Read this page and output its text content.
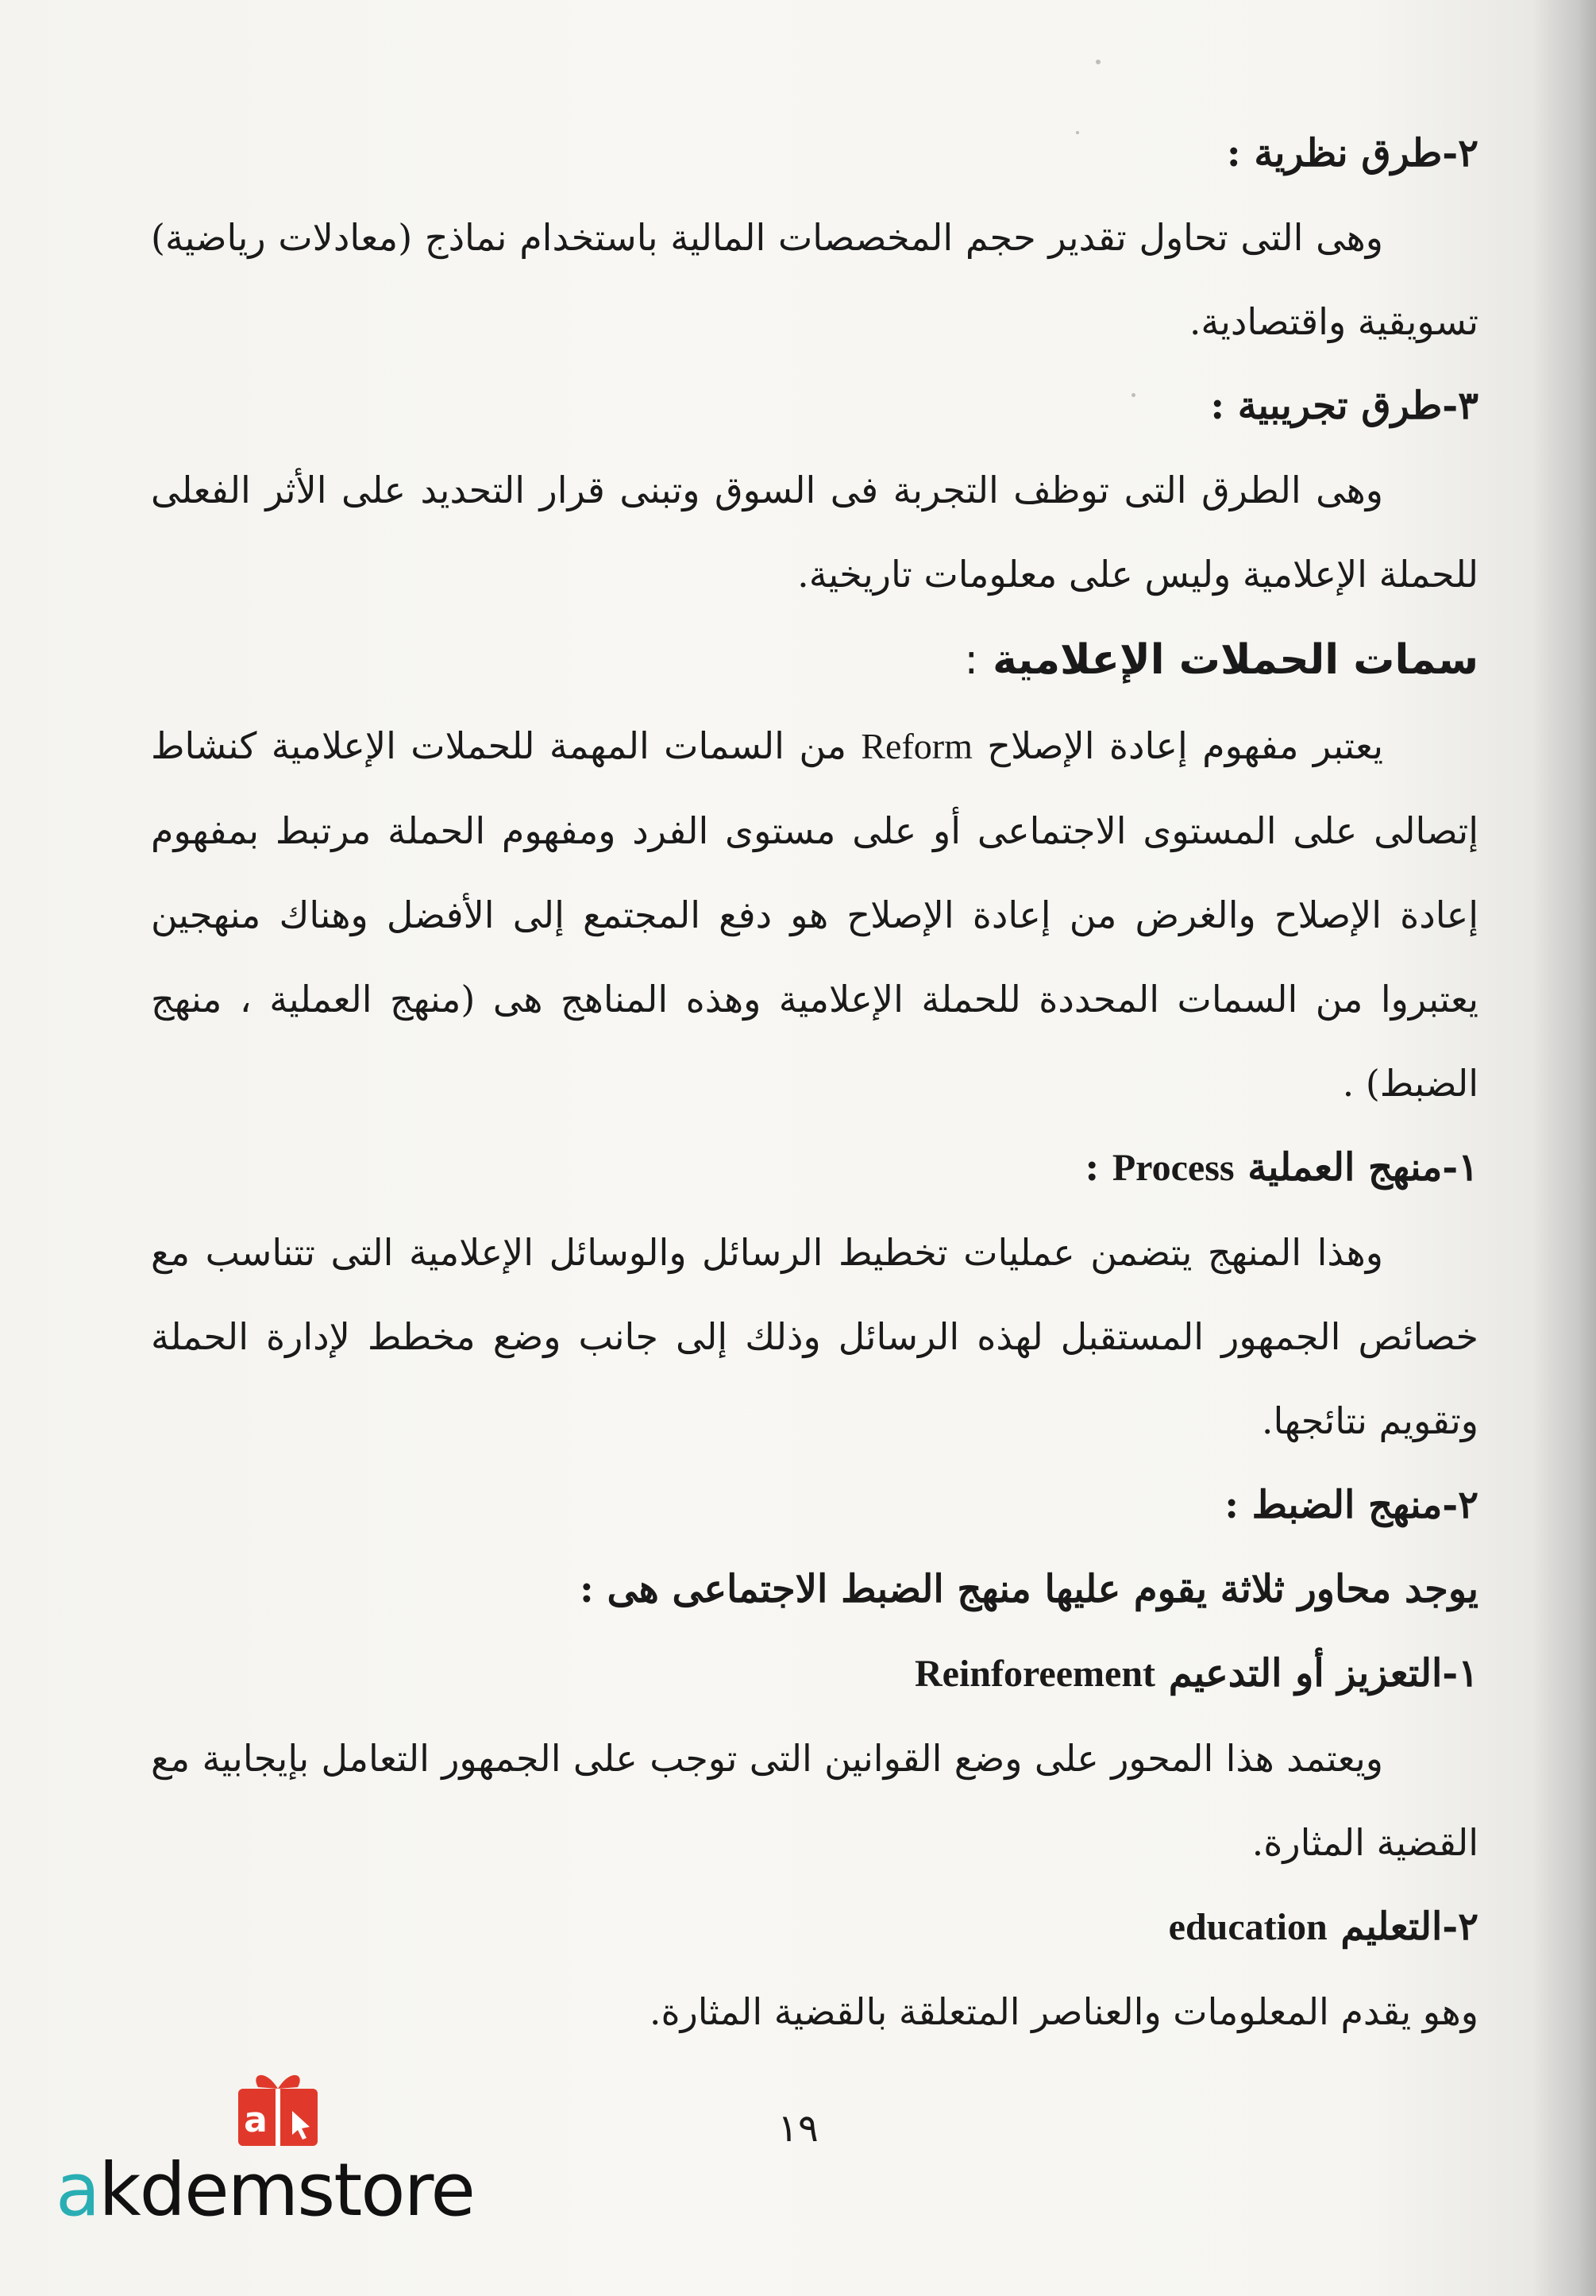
٢-طرق نظرية :

وهى التى تحاول تقدير حجم المخصصات المالية باستخدام نماذج (معادلات رياضية) تسويقية واقتصادية.

٣-طرق تجريبية :

وهى الطرق التى توظف التجربة فى السوق وتبنى قرار التحديد على الأثر الفعلى للحملة الإعلامية وليس على معلومات تاريخية.

سمات الحملات الإعلامية :

يعتبر مفهوم إعادة الإصلاح Reform من السمات المهمة للحملات الإعلامية كنشاط إتصالى على المستوى الاجتماعى أو على مستوى الفرد ومفهوم الحملة مرتبط بمفهوم إعادة الإصلاح والغرض من إعادة الإصلاح هو دفع المجتمع إلى الأفضل وهناك منهجين يعتبروا من السمات المحددة للحملة الإعلامية وهذه المناهج هى (منهج العملية ، منهج الضبط) .

١-منهج العملية Process :

وهذا المنهج يتضمن عمليات تخطيط الرسائل والوسائل الإعلامية التى تتناسب مع خصائص الجمهور المستقبل لهذه الرسائل وذلك إلى جانب وضع مخطط لإدارة الحملة وتقويم نتائجها.

٢-منهج الضبط :

يوجد محاور ثلاثة يقوم عليها منهج الضبط الاجتماعى هى :

١-التعزيز أو التدعيم Reinforeement

ويعتمد هذا المحور على وضع القوانين التى توجب على الجمهور التعامل بإيجابية مع القضية المثارة.

٢-التعليم education

وهو يقدم المعلومات والعناصر المتعلقة بالقضية المثارة.

١٩
a
akdemstore
